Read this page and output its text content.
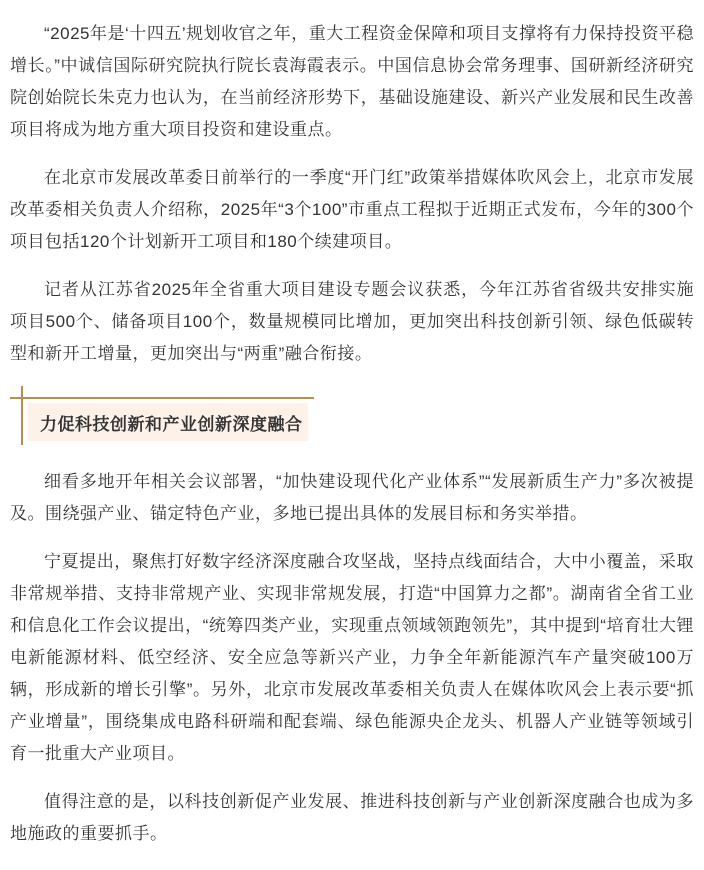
“2025年是‘十四五’规划收官之年，重大工程资金保障和项目支撑将有力保持投资平稳增长。”中诚信国际研究院执行院长袁海霞表示。中国信息协会常务理事、国研新经济研究院创始院长朱克力也认为，在当前经济形势下，基础设施建设、新兴产业发展和民生改善项目将成为地方重大项目投资和建设重点。

在北京市发展改革委日前举行的一季度“开门红”政策举措媒体吹风会上，北京市发展改革委相关负责人介绍称，2025年“3个100”市重点工程拟于近期正式发布，今年的300个项目包括120个计划新开工项目和180个续建项目。

记者从江苏省2025年全省重大项目建设专题会议获悉，今年江苏省省级共安排实施项目500个、储备项目100个，数量规模同比增加，更加突出科技创新引领、绿色低碳转型和新开工增量，更加突出与“两重”融合衔接。

力促科技创新和产业创新深度融合

细看多地开年相关会议部署，“加快建设现代化产业体系”“发展新质生产力”多次被提及。围绕强产业、锚定特色产业，多地已提出具体的发展目标和务实举措。

宁夏提出，聚焦打好数字经济深度融合攻坚战，坚持点线面结合，大中小覆盖，采取非常规举措、支持非常规产业、实现非常规发展，打造“中国算力之都”。湖南省全省工业和信息化工作会议提出，“统筹四类产业，实现重点领域领跑领先”，其中提到“培育壮大锂电新能源材料、低空经济、安全应急等新兴产业，力争全年新能源汽车产量突破100万辆，形成新的增长引擎”。另外，北京市发展改革委相关负责人在媒体吹风会上表示要“抓产业增量”，围绕集成电路科研端和配套端、绿色能源央企龙头、机器人产业链等领域引育一批重大产业项目。

值得注意的是，以科技创新促产业发展、推进科技创新与产业创新深度融合也成为多地施政的重要抓手。
